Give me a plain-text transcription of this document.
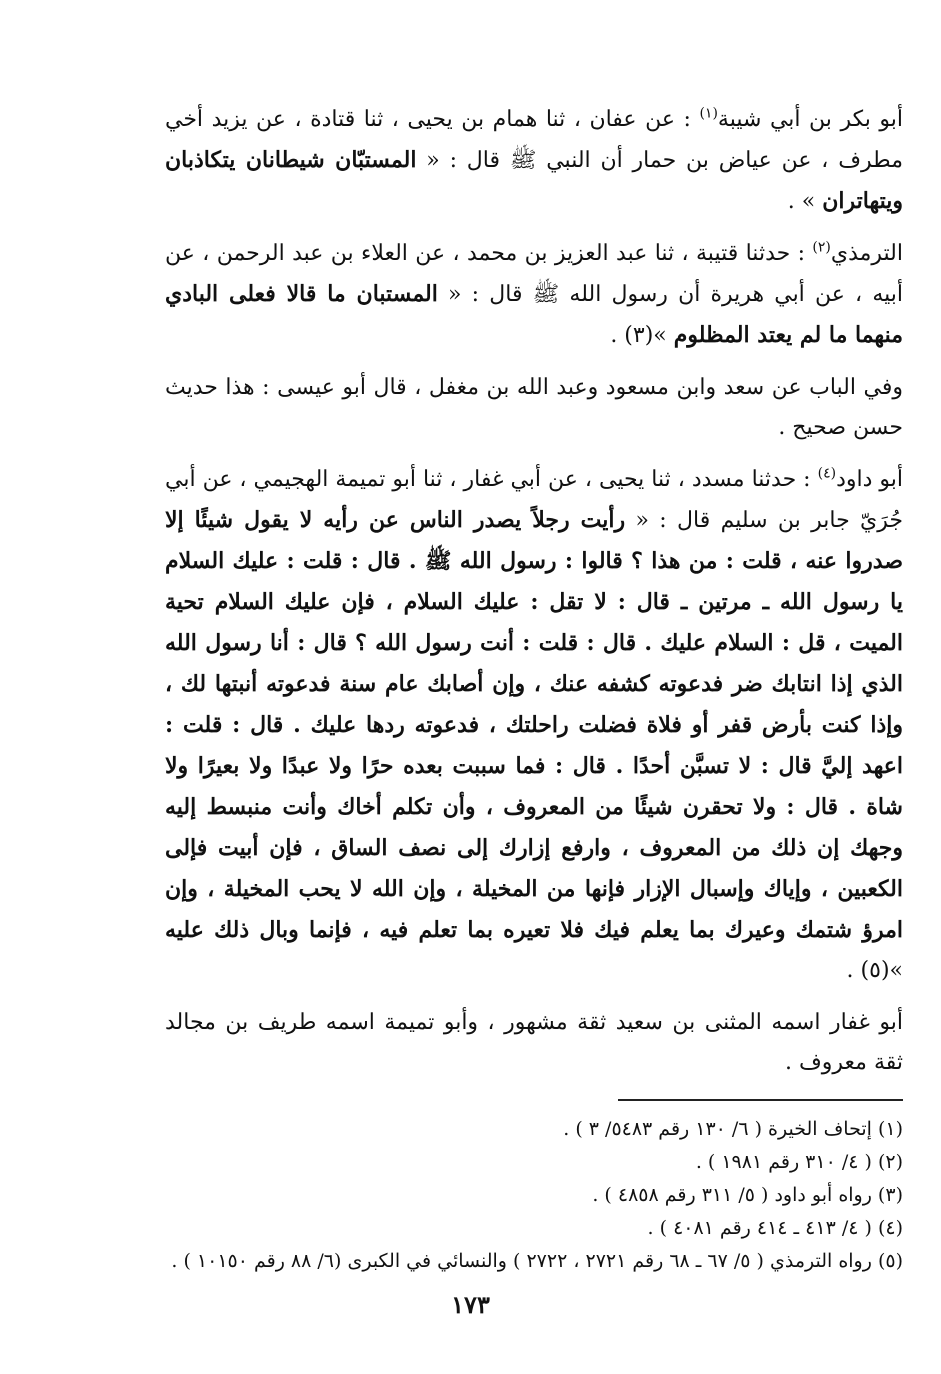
أبو بكر بن أبي شيبة$^{(١)}$ : عن عفان ، ثنا همام بن يحيى ، ثنا قتادة ، عن يزيد أخي مطرف ، عن عياض بن حمار أن النبي ﷺ قال : « المستبّان شيطانان يتكاذبان ويتهاتران » .

الترمذي$^{(٢)}$ : حدثنا قتيبة ، ثنا عبد العزيز بن محمد ، عن العلاء بن عبد الرحمن ، عن أبيه ، عن أبي هريرة أن رسول الله ﷺ قال : « المستبان ما قالا فعلى البادي منهما ما لم يعتد المظلوم »(٣) .

وفي الباب عن سعد وابن مسعود وعبد الله بن مغفل ، قال أبو عيسى : هذا حديث حسن صحيح .

أبو داود$^{(٤)}$ : حدثنا مسدد ، ثنا يحيى ، عن أبي غفار ، ثنا أبو تميمة الهجيمي ، عن أبي جُرَيّ جابر بن سليم قال : « رأيت رجلاً يصدر الناس عن رأيه لا يقول شيئًا إلا صدروا عنه ، قلت : من هذا ؟ قالوا : رسول الله ﷺ . قال : قلت : عليك السلام يا رسول الله ـ مرتين ـ قال : لا تقل : عليك السلام ، فإن عليك السلام تحية الميت ، قل : السلام عليك . قال : قلت : أنت رسول الله ؟ قال : أنا رسول الله الذي إذا انتابك ضر فدعوته كشفه عنك ، وإن أصابك عام سنة فدعوته أنبتها لك ، وإذا كنت بأرض قفر أو فلاة فضلت راحلتك ، فدعوته ردها عليك . قال : قلت : اعهد إليَّ قال : لا تسبَّن أحدًا . قال : فما سببت بعده حرًا ولا عبدًا ولا بعيرًا ولا شاة . قال : ولا تحقرن شيئًا من المعروف ، وأن تكلم أخاك وأنت منبسط إليه وجهك إن ذلك من المعروف ، وارفع إزارك إلى نصف الساق ، فإن أبيت فإلى الكعبين ، وإياك وإسبال الإزار فإنها من المخيلة ، وإن الله لا يحب المخيلة ، وإن امرؤ شتمك وعيرك بما يعلم فيك فلا تعيره بما تعلم فيه ، فإنما وبال ذلك عليه »(٥) .

أبو غفار اسمه المثنى بن سعيد ثقة مشهور ، وأبو تميمة اسمه طريف بن مجالد ثقة معروف .

(١) إتحاف الخيرة ( ٦/ ١٣٠ رقم ٥٤٨٣/ ٣ ) .

(٢) ( ٤/ ٣١٠ رقم ١٩٨١ ) .

(٣) رواه أبو داود ( ٥/ ٣١١ رقم ٤٨٥٨ ) .

(٤) ( ٤/ ٤١٣ ـ ٤١٤ رقم ٤٠٨١ ) .

(٥) رواه الترمذي ( ٥/ ٦٧ ـ ٦٨ رقم ٢٧٢١ ، ٢٧٢٢ ) والنسائي في الكبرى (٦/ ٨٨ رقم ١٠١٥٠ ) .

١٧٣
